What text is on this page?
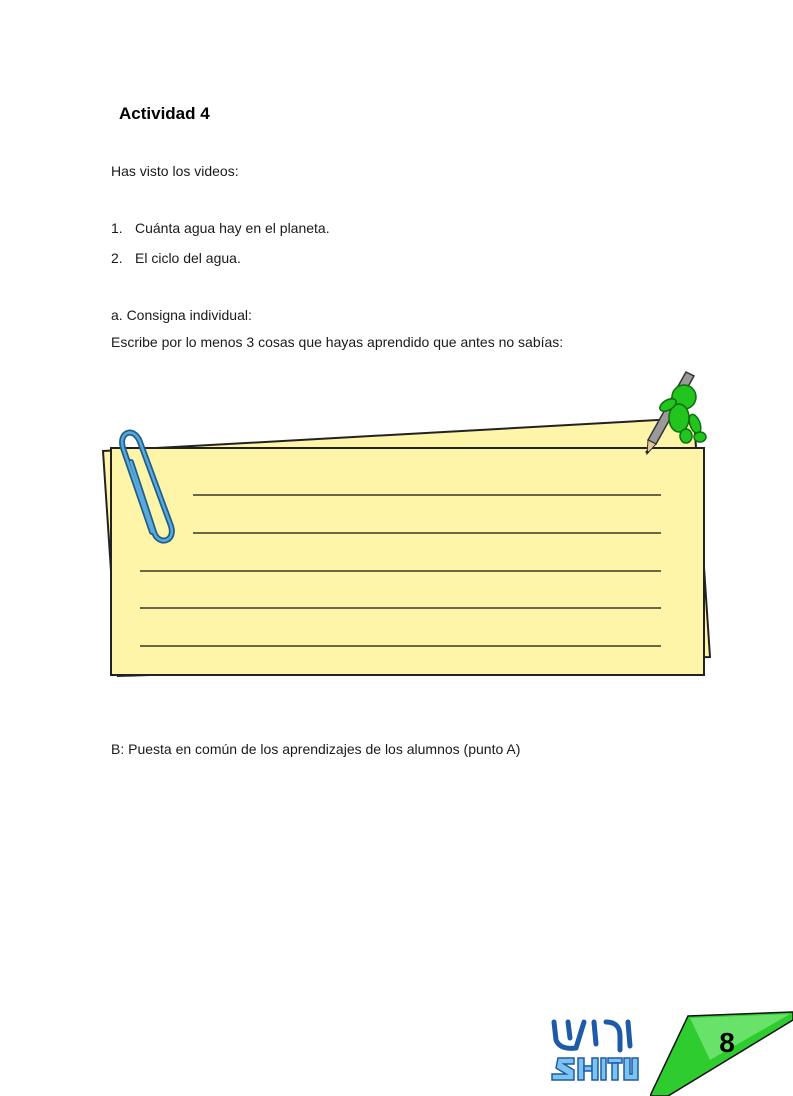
Actividad 4
Has visto los videos:
1. Cuánta agua hay en el planeta.
2. El ciclo del agua.
a. Consigna individual:
Escribe por lo menos 3 cosas que hayas aprendido que antes no sabías:
B: Puesta en común de los aprendizajes de los alumnos (punto A)
8
